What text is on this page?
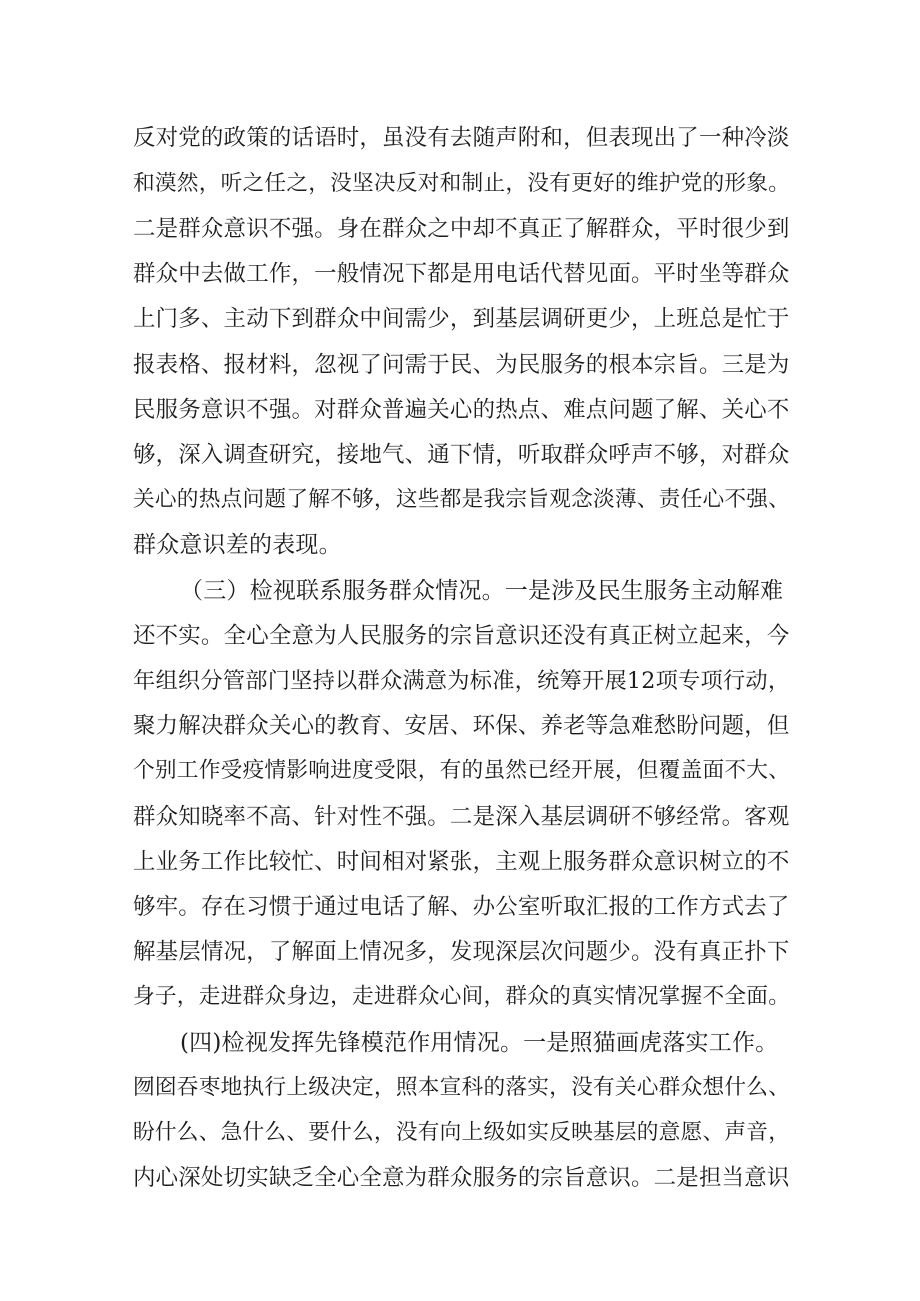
反对党的政策的话语时，虽没有去随声附和，但表现出了一种冷淡
和漠然，听之任之，没坚决反对和制止，没有更好的维护党的形象。
二是群众意识不强。身在群众之中却不真正了解群众，平时很少到
群众中去做工作，一般情况下都是用电话代替见面。平时坐等群众
上门多、主动下到群众中间需少，到基层调研更少，上班总是忙于
报表格、报材料，忽视了问需于民、为民服务的根本宗旨。三是为
民服务意识不强。对群众普遍关心的热点、难点问题了解、关心不
够，深入调查研究，接地气、通下情，听取群众呼声不够，对群众
关心的热点问题了解不够，这些都是我宗旨观念淡薄、责任心不强、
群众意识差的表现。
（三）检视联系服务群众情况。一是涉及民生服务主动解难
还不实。全心全意为人民服务的宗旨意识还没有真正树立起来，今
年组织分管部门坚持以群众满意为标准，统筹开展12项专项行动，
聚力解决群众关心的教育、安居、环保、养老等急难愁盼问题，但
个别工作受疫情影响进度受限，有的虽然已经开展，但覆盖面不大、
群众知晓率不高、针对性不强。二是深入基层调研不够经常。客观
上业务工作比较忙、时间相对紧张，主观上服务群众意识树立的不
够牢。存在习惯于通过电话了解、办公室听取汇报的工作方式去了
解基层情况，了解面上情况多，发现深层次问题少。没有真正扑下
身子，走进群众身边，走进群众心间，群众的真实情况掌握不全面。
(四)检视发挥先锋模范作用情况。一是照猫画虎落实工作。
囫囵吞枣地执行上级决定，照本宣科的落实，没有关心群众想什么、
盼什么、急什么、要什么，没有向上级如实反映基层的意愿、声音，
内心深处切实缺乏全心全意为群众服务的宗旨意识。二是担当意识
